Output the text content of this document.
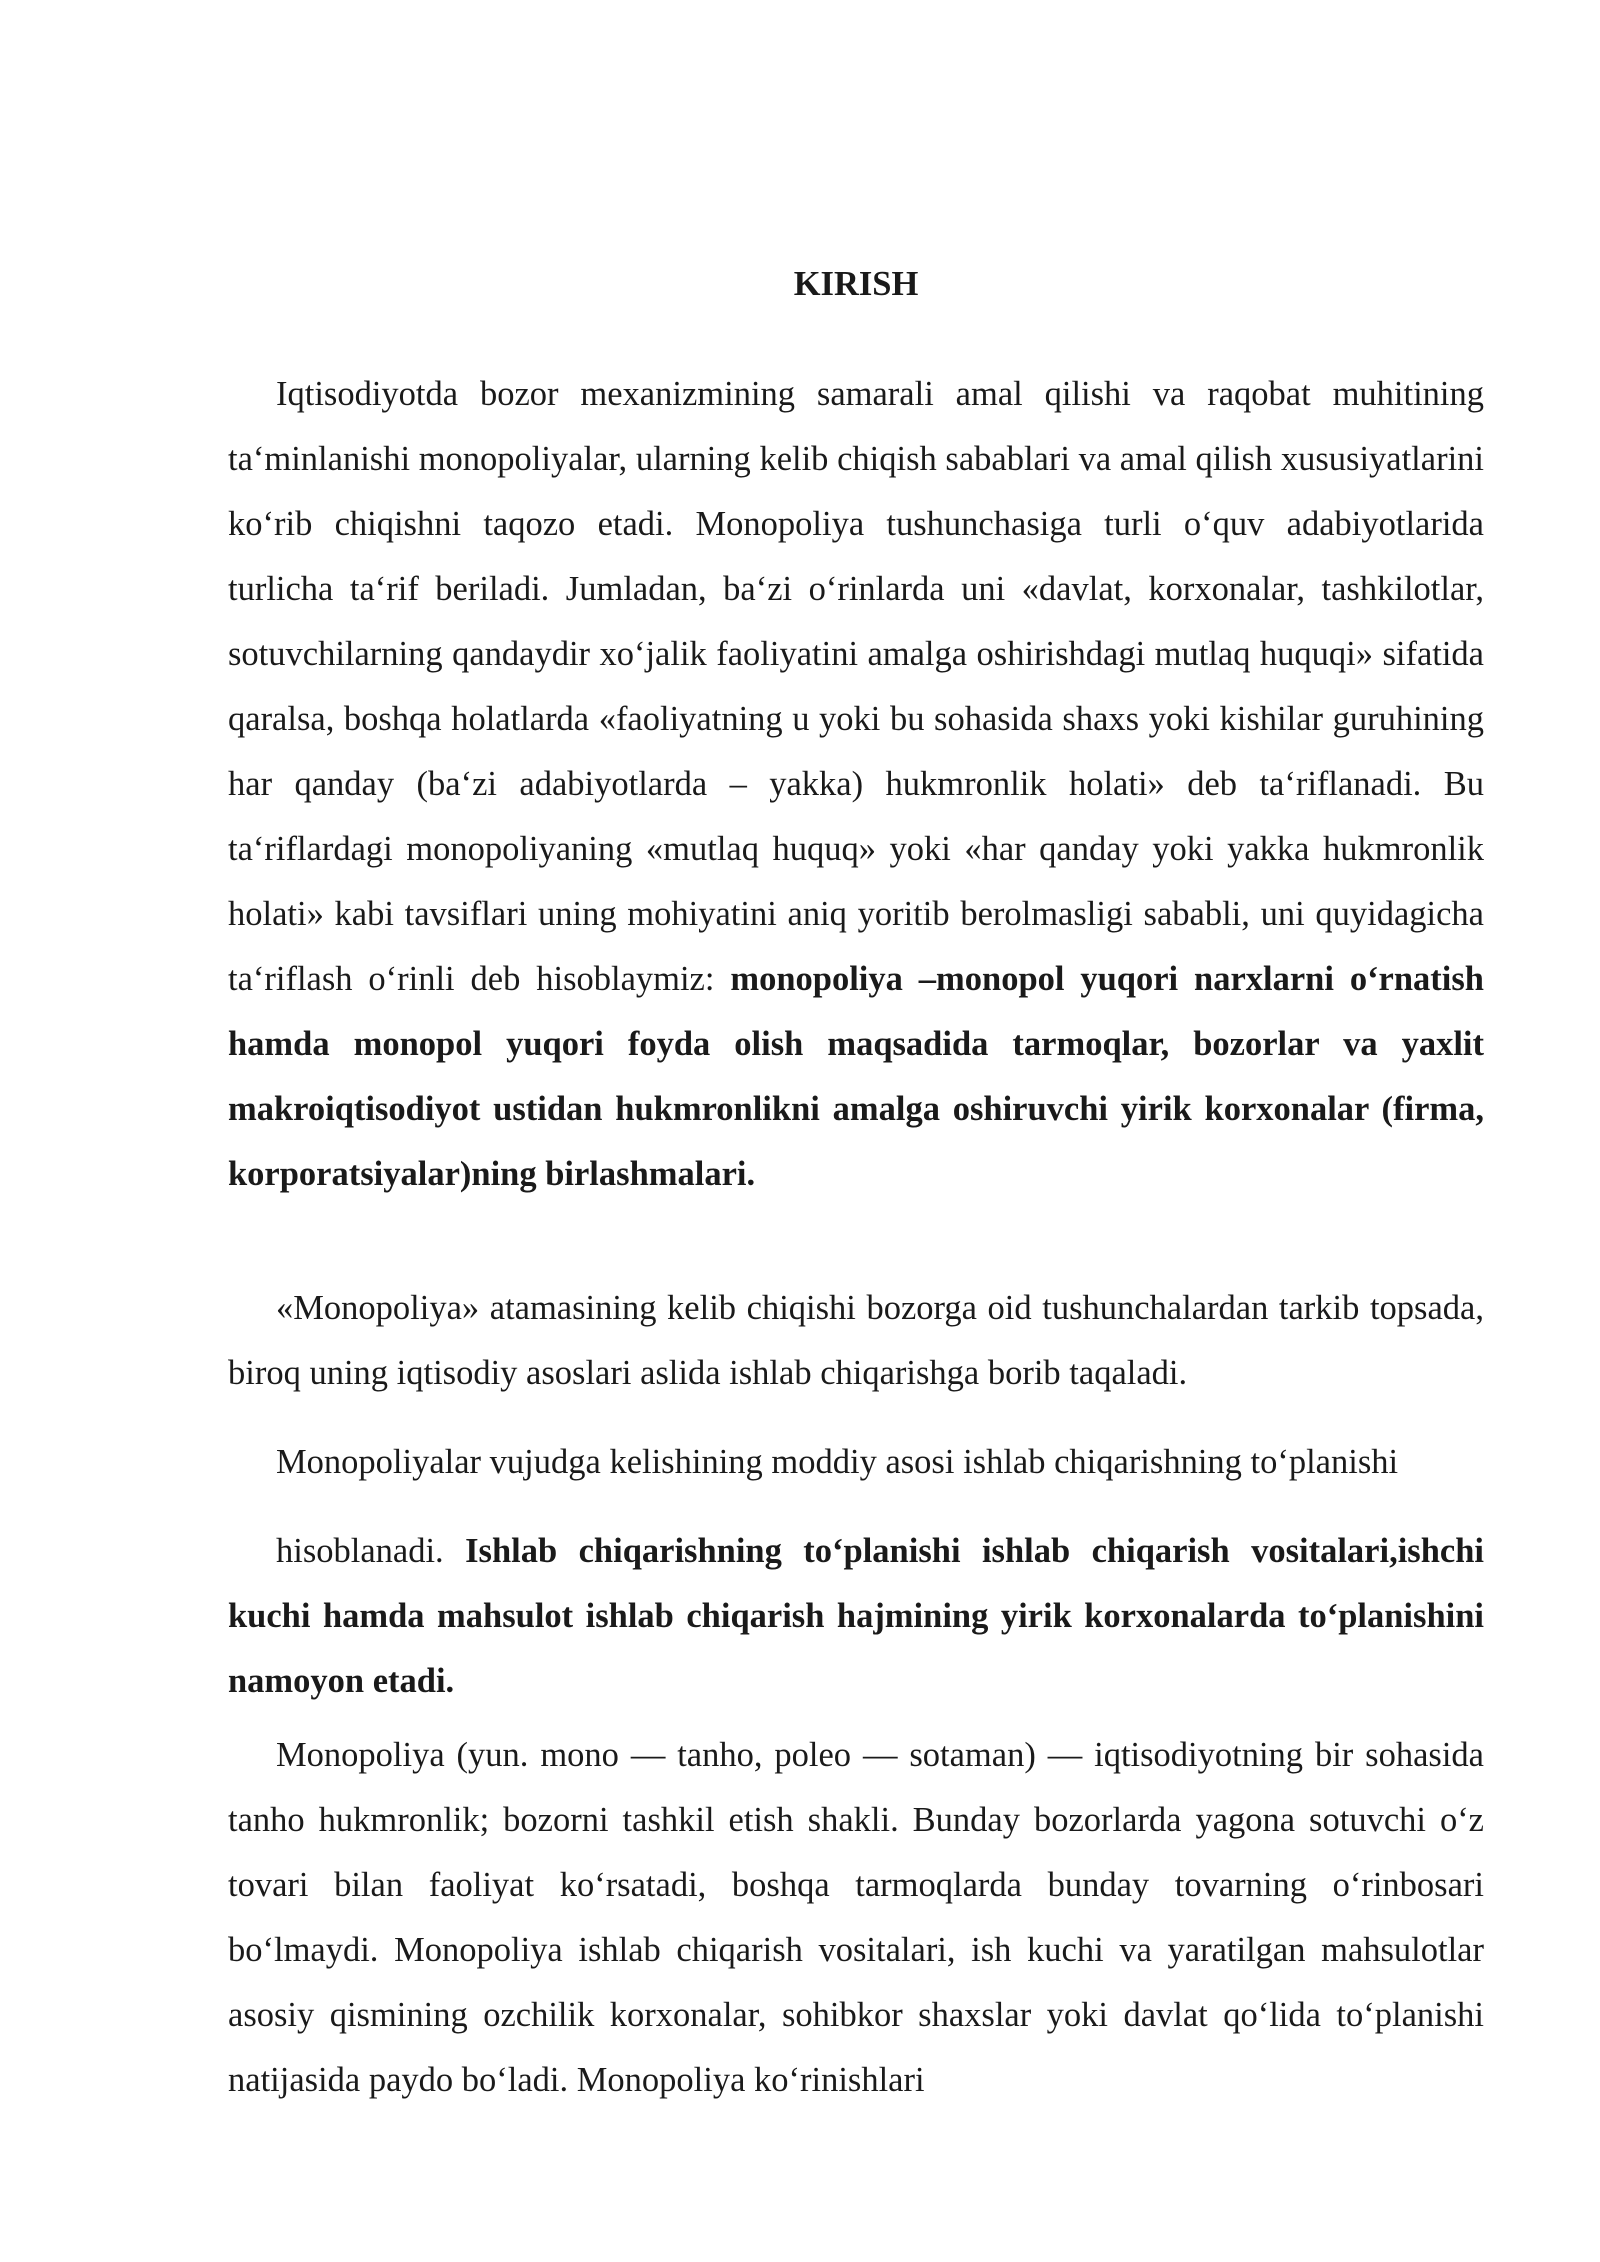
KIRISH

Iqtisodiyotda bozor mexanizmining samarali amal qilishi va raqobat muhitining ta‘minlanishi monopoliyalar, ularning kelib chiqish sabablari va amal qilish xususiyatlarini ko‘rib chiqishni taqozo etadi. Monopoliya tushunchasiga turli o‘quv adabiyotlarida turlicha ta‘rif beriladi. Jumladan, ba‘zi o‘rinlarda uni «davlat, korxonalar, tashkilotlar, sotuvchilarning qandaydir xo‘jalik faoliyatini amalga oshirishdagi mutlaq huquqi» sifatida qaralsa, boshqa holatlarda «faoliyatning u yoki bu sohasida shaxs yoki kishilar guruhining har qanday (ba‘zi adabiyotlarda – yakka) hukmronlik holati» deb ta‘riflanadi. Bu ta‘riflardagi monopoliyaning «mutlaq huquq» yoki «har qanday yoki yakka hukmronlik holati» kabi tavsiflari uning mohiyatini aniq yoritib berolmasligi sababli, uni quyidagicha ta‘riflash o‘rinli deb hisoblaymiz: monopoliya –monopol yuqori narxlarni o‘rnatish hamda monopol yuqori foyda olish maqsadida tarmoqlar, bozorlar va yaxlit makroiqtisodiyot ustidan hukmronlikni amalga oshiruvchi yirik korxonalar (firma, korporatsiyalar)ning birlashmalari.

«Monopoliya» atamasining kelib chiqishi bozorga oid tushunchalardan tarkib topsada, biroq uning iqtisodiy asoslari aslida ishlab chiqarishga borib taqaladi.

Monopoliyalar vujudga kelishining moddiy asosi ishlab chiqarishning to‘planishi

hisoblanadi. Ishlab chiqarishning to‘planishi ishlab chiqarish vositalari,ishchi kuchi hamda mahsulot ishlab chiqarish hajmining yirik korxonalarda to‘planishini namoyon etadi.

Monopoliya (yun. mono — tanho, poleo — sotaman) — iqtisodiyotning bir sohasida tanho hukmronlik; bozorni tashkil etish shakli. Bunday bozorlarda yagona sotuvchi o‘z tovari bilan faoliyat ko‘rsatadi, boshqa tarmoqlarda bunday tovarning o‘rinbosari bo‘lmaydi. Monopoliya ishlab chiqarish vositalari, ish kuchi va yaratilgan mahsulotlar asosiy qismining ozchilik korxonalar, sohibkor shaxslar yoki davlat qo‘lida to‘planishi natijasida paydo bo‘ladi. Monopoliya ko‘rinishlari
